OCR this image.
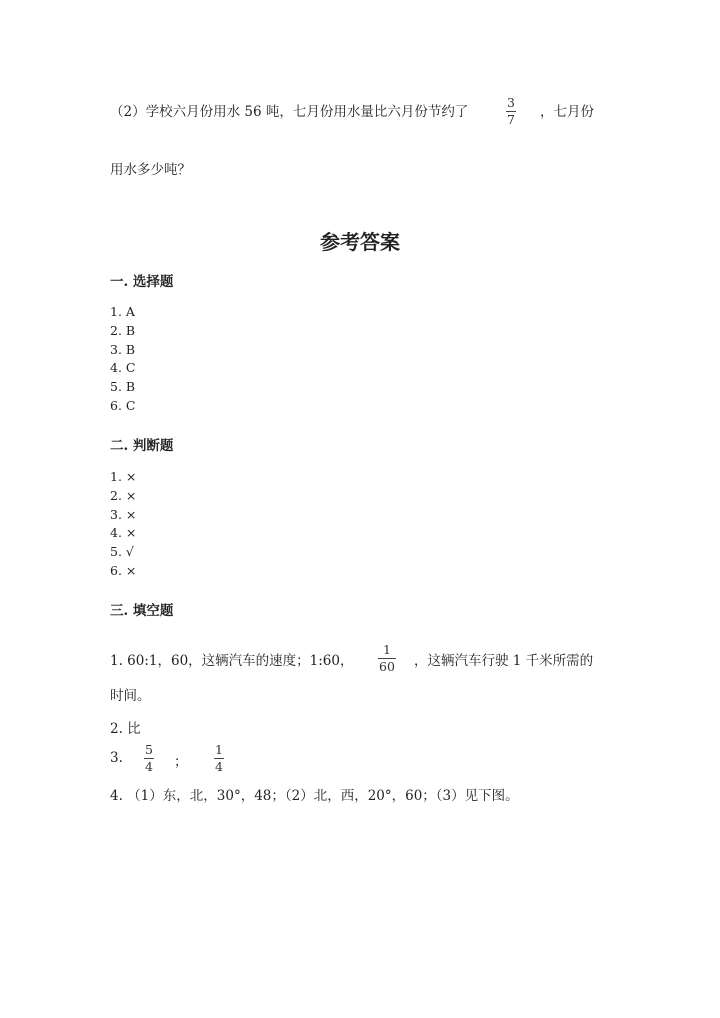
（2）学校六月份用水 56 吨，七月份用水量比六月份节约了
3
7 ，七月份
用水多少吨？
参考答案
一. 选择题
1. A
2. B
3. B
4. C
5. B
6. C
二. 判断题
1. ×
2. ×
3. ×
4. ×
5. √
6. ×
三. 填空题
1. 60:1，60，这辆汽车的速度；1:60，
1
60 ，这辆汽车行驶 1 千米所需的
时间。
2. 比
3.
5
4 ；
1
4
4. （1）东，北，30°，48；（2）北，西，20°，60；（3）见下图。
